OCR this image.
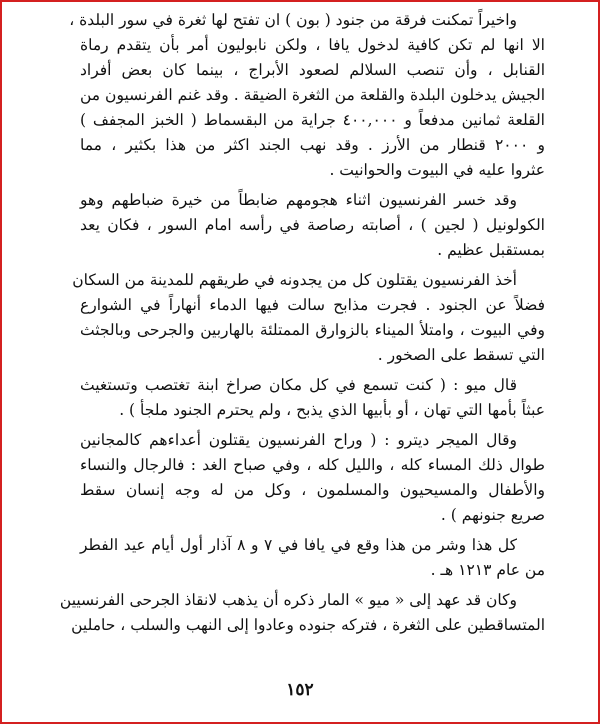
واخيراً تمكنت فرقة من جنود ( بون ) ان تفتح لها ثغرة في سور البلدة ،
الا انها لم تكن كافية لدخول يافا ، ولكن نابوليون أمر بأن يتقدم رماة
القنابل ، وأن تنصب السلالم لصعود الأبراج ، بينما كان بعض أفراد
الجيش يدخلون البلدة والقلعة من الثغرة الضيقة . وقد غنم الفرنسيون من
القلعة ثمانين مدفعاً و ٤٠٠,٠٠٠ جراية من البقسماط ( الخبز المجفف )
و ٢٠٠٠ قنطار من الأرز . وقد نهب الجند اكثر من هذا بكثير ، مما
عثروا عليه في البيوت والحوانيت .
وقد خسر الفرنسيون اثناء هجومهم ضابطاً من خيرة ضباطهم وهو
الكولونيل ( لجين ) ، أصابته رصاصة في رأسه امام السور ، فكان يعد
بمستقبل عظيم .
أخذ الفرنسيون يقتلون كل من يجدونه في طريقهم للمدينة من السكان
فضلاً عن الجنود . فجرت مذابح سالت فيها الدماء أنهاراً في الشوارع
وفي البيوت ، وامتلأ الميناء بالزوارق الممتلئة بالهاربين والجرحى وبالجثث
التي تسقط على الصخور .
قال ميو : ( كنت تسمع في كل مكان صراخ ابنة تغتصب وتستغيث
عبثاً بأمها التي تهان ، أو بأبيها الذي يذبح ، ولم يحترم الجنود ملجأ ) .
وقال الميجر ديترو : ( وراح الفرنسيون يقتلون أعداءهم كالمجانين
طوال ذلك المساء كله ، والليل كله ، وفي صباح الغد : فالرجال والنساء
والأطفال والمسيحيون والمسلمون ، وكل من له وجه إنسان سقط
صريع جنونهم ) .
كل هذا وشر من هذا وقع في يافا في ٧ و ٨ آذار أول أيام عيد الفطر
من عام ١٢١٣ هـ .
وكان قد عهد إلى « ميو » المار ذكره أن يذهب لانقاذ الجرحى الفرنسيين
المتساقطين على الثغرة ، فتركه جنوده وعادوا إلى النهب والسلب ، حاملين
١٥٢
